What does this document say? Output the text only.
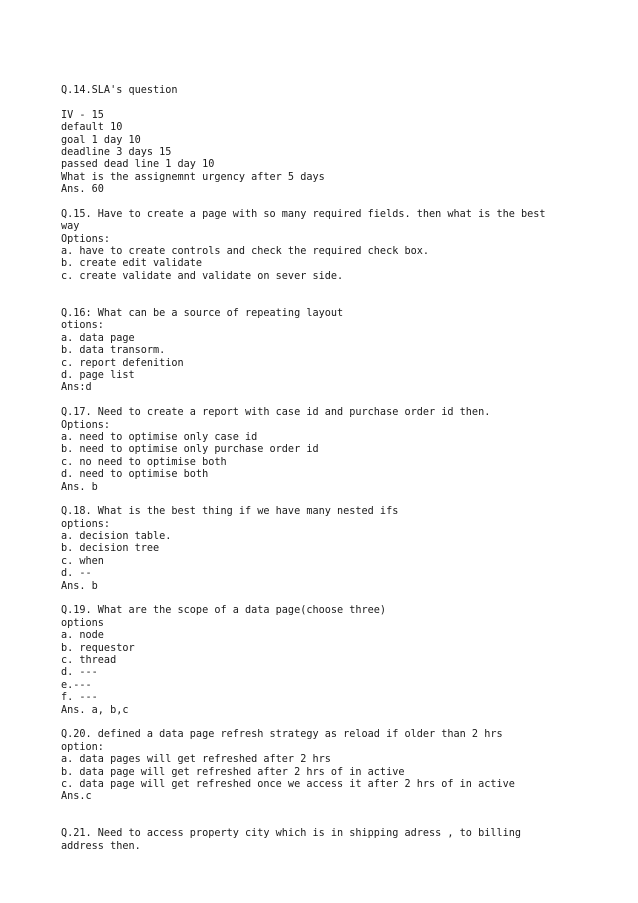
Q.14.SLA's question
IV - 15
default 10
goal 1 day 10
deadline 3 days 15
passed dead line 1 day 10
What is the assignemnt urgency after 5 days
Ans. 60
Q.15. Have to create a page with so many required fields. then what is the best
way
Options:
a. have to create controls and check the required check box.
b. create edit validate
c. create validate and validate on sever side.
Q.16: What can be a source of repeating layout
otions:
a. data page
b. data transorm.
c. report defenition
d. page list
Ans:d
Q.17. Need to create a report with case id and purchase order id then.
Options:
a. need to optimise only case id
b. need to optimise only purchase order id
c. no need to optimise both
d. need to optimise both
Ans. b
Q.18. What is the best thing if we have many nested ifs
options:
a. decision table.
b. decision tree
c. when
d. --
Ans. b
Q.19. What are the scope of a data page(choose three)
options
a. node
b. requestor
c. thread
d. ---
e.---
f. ---
Ans. a, b,c
Q.20. defined a data page refresh strategy as reload if older than 2 hrs
option:
a. data pages will get refreshed after 2 hrs
b. data page will get refreshed after 2 hrs of in active
c. data page will get refreshed once we access it after 2 hrs of in active
Ans.c
Q.21. Need to access property city which is in shipping adress , to billing
address then.
